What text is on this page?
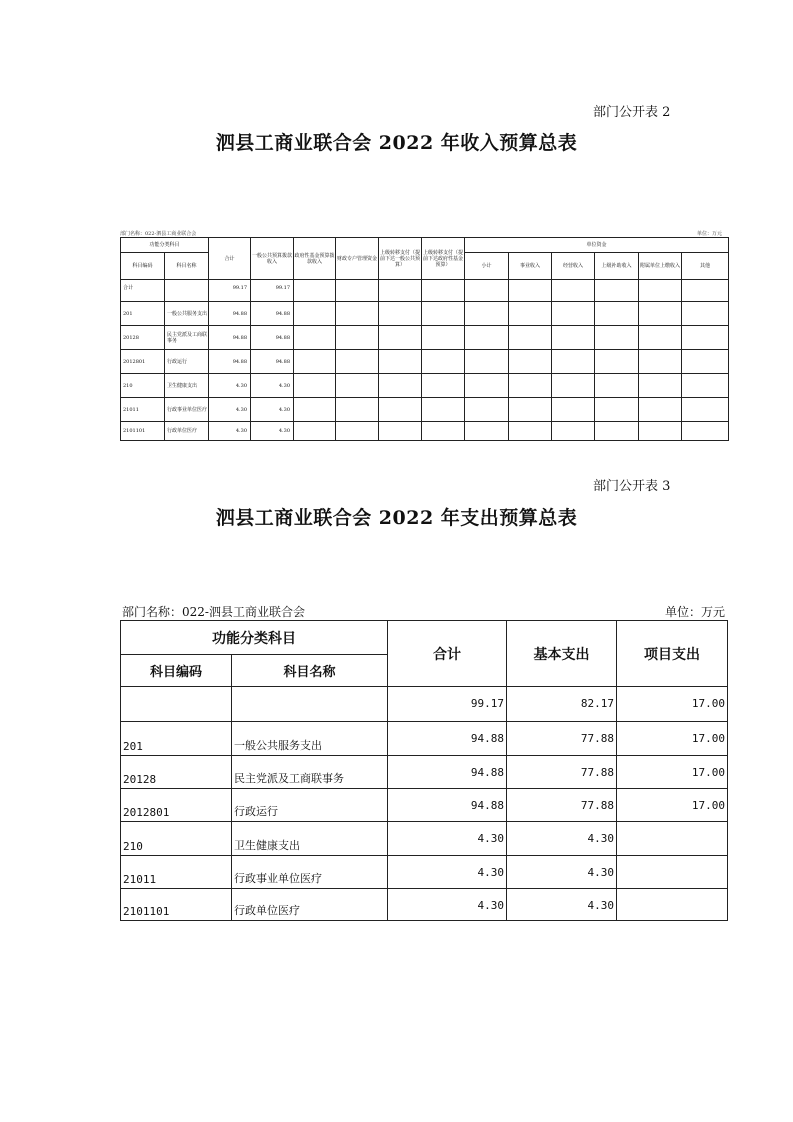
部门公开表 2
泗县工商业联合会 2022 年收入预算总表
部门名称：022-泗县工商业联合会	单位：万元
功能分类科目		合计	一般公共预算拨款收入	政府性基金预算拨款收入	财政专户管理资金	上级转移支付（提前下达一般公共预算）	上级转移支付（提前下达政府性基金预算）	单位资金					
科目编码	科目名称							小计	事业收入	经营收入	上级补助收入	附属单位上缴收入	其他
合计		99.17	99.17										
201	一般公共服务支出	94.88	94.88										
20128	民主党派及工商联事务	94.88	94.88										
2012801	行政运行	94.88	94.88										
210	卫生健康支出	4.30	4.30										
21011	行政事业单位医疗	4.30	4.30										
2101101	行政单位医疗	4.30	4.30										
部门公开表 3
泗县工商业联合会 2022 年支出预算总表
部门名称：022-泗县工商业联合会	单位：万元
功能分类科目		合计	基本支出	项目支出
科目编码	科目名称			
		99.17	82.17	17.00
201	一般公共服务支出	94.88	77.88	17.00
20128	民主党派及工商联事务	94.88	77.88	17.00
2012801	行政运行	94.88	77.88	17.00
210	卫生健康支出	4.30	4.30	
21011	行政事业单位医疗	4.30	4.30	
2101101	行政单位医疗	4.30	4.30	
